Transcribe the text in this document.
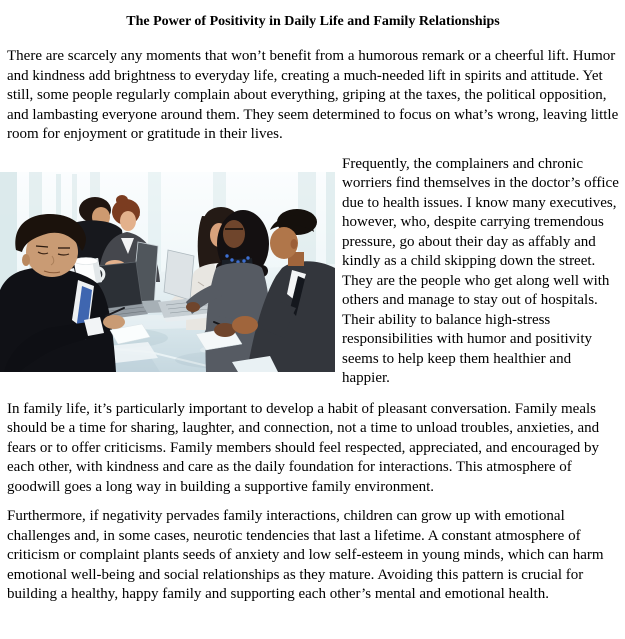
The Power of Positivity in Daily Life and Family Relationships
There are scarcely any moments that won’t benefit from a humorous remark or a cheerful lift. Humor and kindness add brightness to everyday life, creating a much-needed lift in spirits and attitude. Yet still, some people regularly complain about everything, griping at the taxes, the political opposition, and lambasting everyone around them. They seem determined to focus on what’s wrong, leaving little room for enjoyment or gratitude in their lives.
Frequently, the complainers and chronic worriers find themselves in the doctor’s office due to health issues. I know many executives, however, who, despite carrying tremendous pressure, go about their day as affably and kindly as a child skipping down the street. They are the people who get along well with others and manage to stay out of hospitals. Their ability to balance high-stress responsibilities with humor and positivity seems to help keep them healthier and happier.
In family life, it’s particularly important to develop a habit of pleasant conversation. Family meals should be a time for sharing, laughter, and connection, not a time to unload troubles, anxieties, and fears or to offer criticisms. Family members should feel respected, appreciated, and encouraged by each other, with kindness and care as the daily foundation for interactions. This atmosphere of goodwill goes a long way in building a supportive family environment.
Furthermore, if negativity pervades family interactions, children can grow up with emotional challenges and, in some cases, neurotic tendencies that last a lifetime. A constant atmosphere of criticism or complaint plants seeds of anxiety and low self-esteem in young minds, which can harm emotional well-being and social relationships as they mature. Avoiding this pattern is crucial for building a healthy, happy family and supporting each other’s mental and emotional health.
